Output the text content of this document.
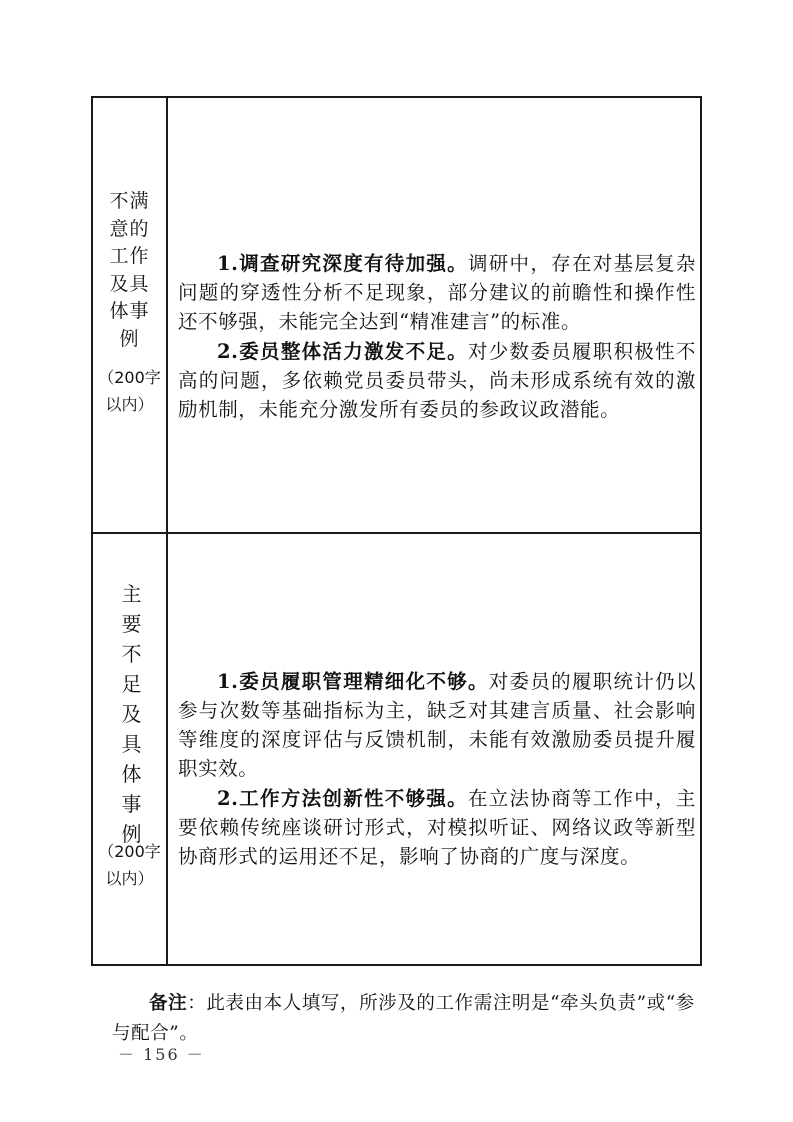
不满意的工作及具体事例
（200字以内）

1.调查研究深度有待加强。调研中，存在对基层复杂问题的穿透性分析不足现象，部分建议的前瞻性和操作性还不够强，未能完全达到“精准建言”的标准。

2.委员整体活力激发不足。对少数委员履职积极性不高的问题，多依赖党员委员带头，尚未形成系统有效的激励机制，未能充分激发所有委员的参政议政潜能。

主要不足及具体事例
（200字以内）

1.委员履职管理精细化不够。对委员的履职统计仍以参与次数等基础指标为主，缺乏对其建言质量、社会影响等维度的深度评估与反馈机制，未能有效激励委员提升履职实效。

2.工作方法创新性不够强。在立法协商等工作中，主要依赖传统座谈研讨形式，对模拟听证、网络议政等新型协商形式的运用还不足，影响了协商的广度与深度。

备注：此表由本人填写，所涉及的工作需注明是“牵头负责”或“参与配合”。

－ 156 －
